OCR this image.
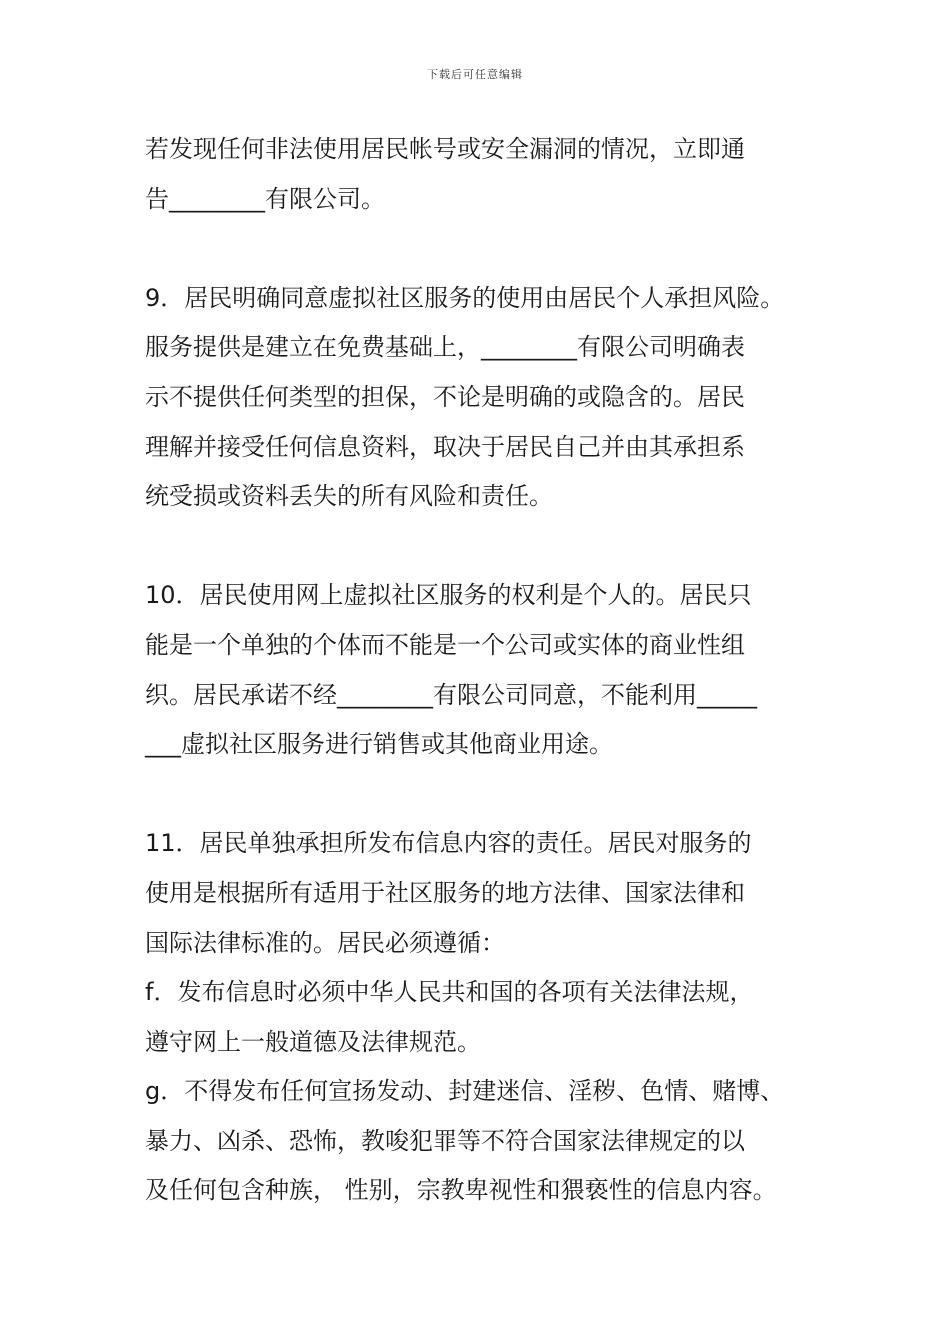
下载后可任意编辑
若发现任何非法使用居民帐号或安全漏洞的情况，立即通
告________有限公司。
9．居民明确同意虚拟社区服务的使用由居民个人承担风险。
服务提供是建立在免费基础上，________有限公司明确表
示不提供任何类型的担保，不论是明确的或隐含的。居民
理解并接受任何信息资料，取决于居民自己并由其承担系
统受损或资料丢失的所有风险和责任。
10．居民使用网上虚拟社区服务的权利是个人的。居民只
能是一个单独的个体而不能是一个公司或实体的商业性组
织。居民承诺不经________有限公司同意，不能利用_____
___虚拟社区服务进行销售或其他商业用途。
11．居民单独承担所发布信息内容的责任。居民对服务的
使用是根据所有适用于社区服务的地方法律、国家法律和
国际法律标准的。居民必须遵循：
f．发布信息时必须中华人民共和国的各项有关法律法规，
遵守网上一般道德及法律规范。
g．不得发布任何宣扬发动、封建迷信、淫秽、色情、赌博、
暴力、凶杀、恐怖，教唆犯罪等不符合国家法律规定的以
及任何包含种族， 性别，宗教卑视性和猥亵性的信息内容。
